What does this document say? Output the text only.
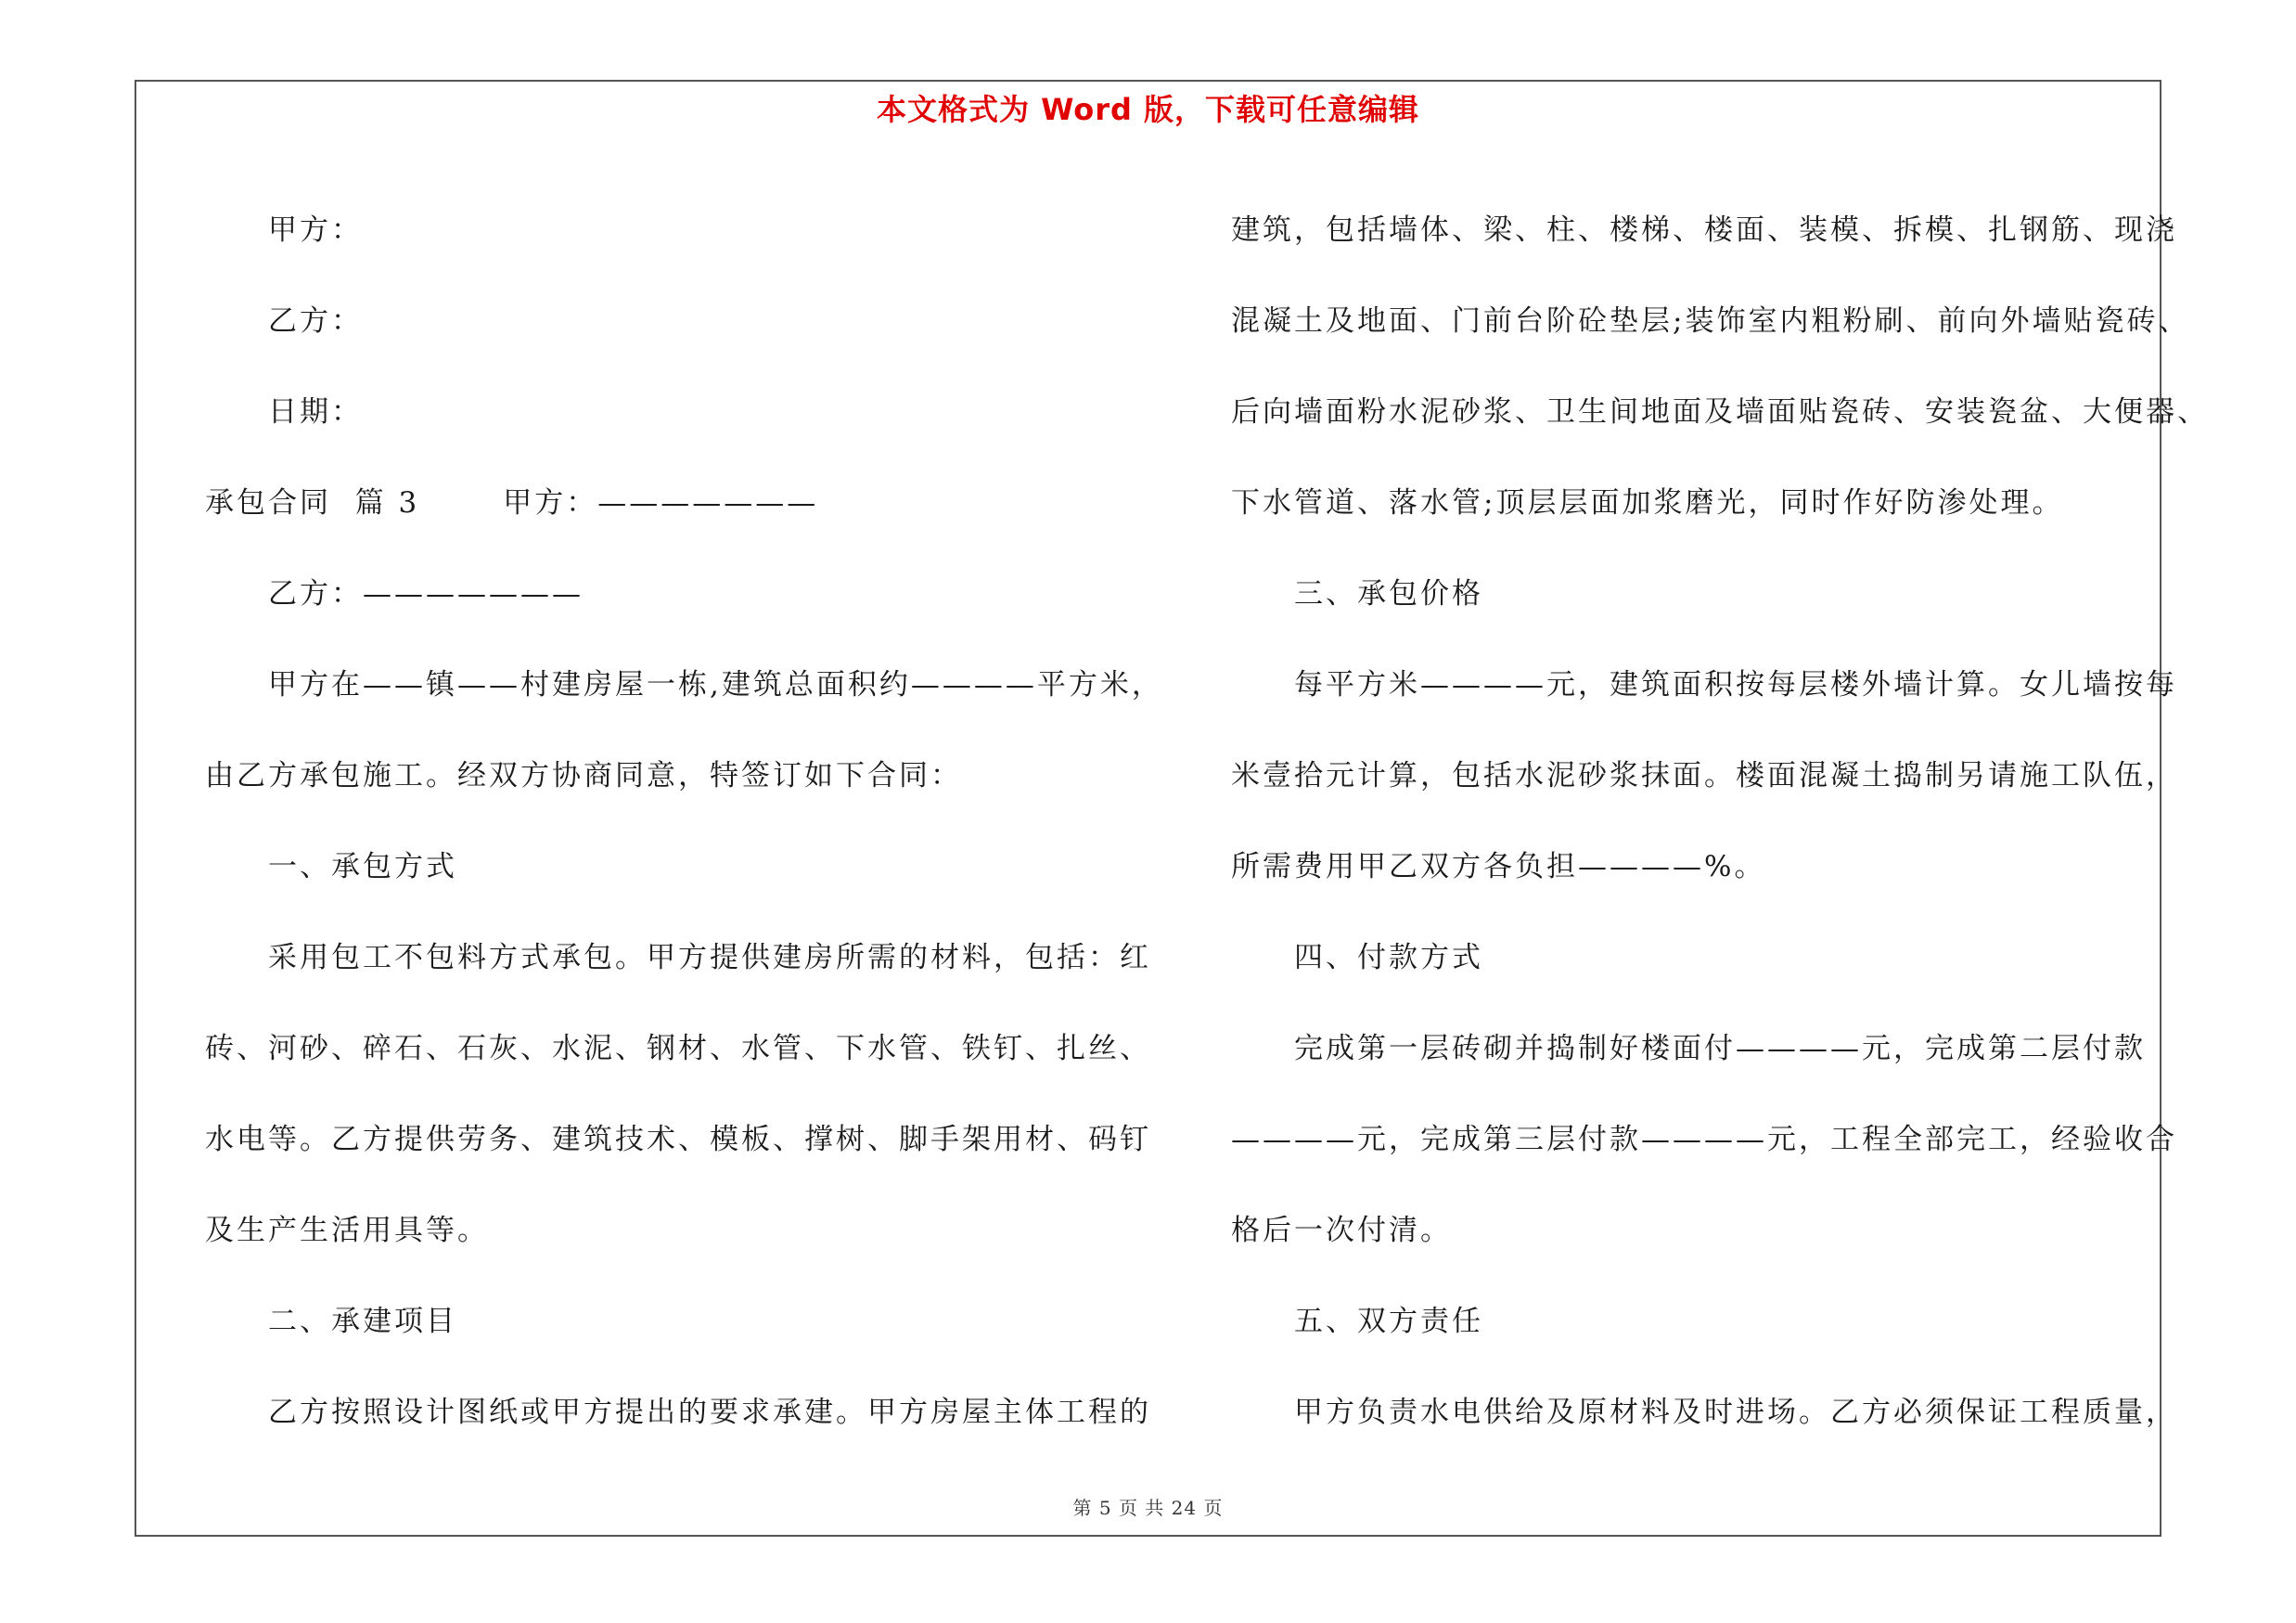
本文格式为 Word 版，下载可任意编辑
甲方：
乙方：
日期：
承包合同  篇 3       甲方：———————
乙方：———————
甲方在——镇——村建房屋一栋,建筑总面积约————平方米，
由乙方承包施工。经双方协商同意，特签订如下合同：
一、承包方式
采用包工不包料方式承包。甲方提供建房所需的材料，包括：红
砖、河砂、碎石、石灰、水泥、钢材、水管、下水管、铁钉、扎丝、
水电等。乙方提供劳务、建筑技术、模板、撑树、脚手架用材、码钉
及生产生活用具等。
二、承建项目
乙方按照设计图纸或甲方提出的要求承建。甲方房屋主体工程的
建筑，包括墙体、梁、柱、楼梯、楼面、装模、拆模、扎钢筋、现浇
混凝土及地面、门前台阶砼垫层;装饰室内粗粉刷、前向外墙贴瓷砖、
后向墙面粉水泥砂浆、卫生间地面及墙面贴瓷砖、安装瓷盆、大便器、
下水管道、落水管;顶层层面加浆磨光，同时作好防渗处理。
三、承包价格
每平方米————元，建筑面积按每层楼外墙计算。女儿墙按每
米壹拾元计算，包括水泥砂浆抹面。楼面混凝土捣制另请施工队伍，
所需费用甲乙双方各负担————%。
四、付款方式
完成第一层砖砌并捣制好楼面付————元，完成第二层付款
————元，完成第三层付款————元，工程全部完工，经验收合
格后一次付清。
五、双方责任
甲方负责水电供给及原材料及时进场。乙方必须保证工程质量，
第 5 页 共 24 页
